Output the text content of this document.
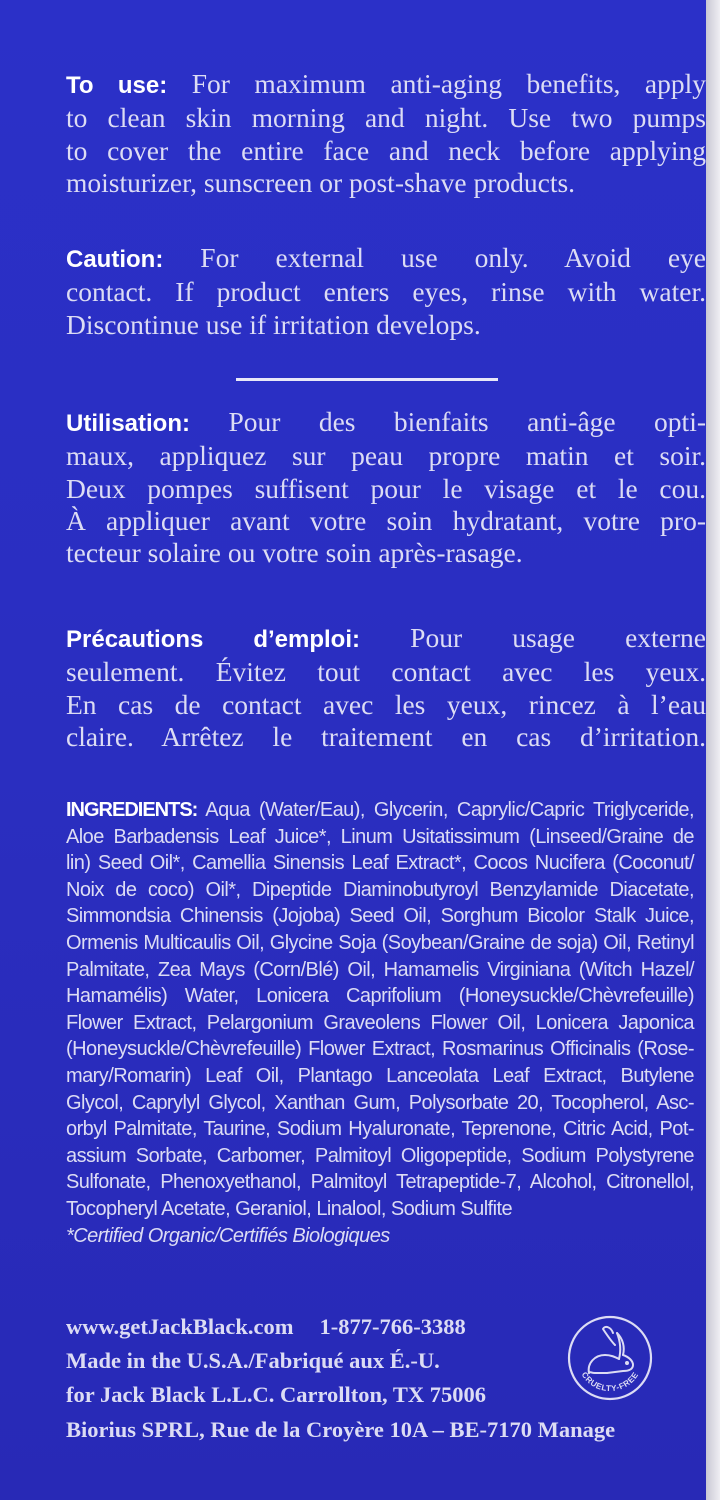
To use: For maximum anti-aging benefits, apply
to clean skin morning and night. Use two pumps
to cover the entire face and neck before applying
moisturizer, sunscreen or post-shave products.
Caution: For external use only. Avoid eye
contact. If product enters eyes, rinse with water.
Discontinue use if irritation develops.
Utilisation: Pour des bienfaits anti-âge opti-
maux, appliquez sur peau propre matin et soir.
Deux pompes suffisent pour le visage et le cou.
À appliquer avant votre soin hydratant, votre pro-
tecteur solaire ou votre soin après-rasage.
Précautions d’emploi: Pour usage externe
seulement. Évitez tout contact avec les yeux.
En cas de contact avec les yeux, rincez à l’eau
claire. Arrêtez le traitement en cas d’irritation.
INGREDIENTS: Aqua (Water/Eau), Glycerin, Caprylic/Capric Triglyceride,
Aloe Barbadensis Leaf Juice*, Linum Usitatissimum (Linseed/Graine de
lin) Seed Oil*, Camellia Sinensis Leaf Extract*, Cocos Nucifera (Coconut/
Noix de coco) Oil*, Dipeptide Diaminobutyroyl Benzylamide Diacetate,
Simmondsia Chinensis (Jojoba) Seed Oil, Sorghum Bicolor Stalk Juice,
Ormenis Multicaulis Oil, Glycine Soja (Soybean/Graine de soja) Oil, Retinyl
Palmitate, Zea Mays (Corn/Blé) Oil, Hamamelis Virginiana (Witch Hazel/
Hamamélis) Water, Lonicera Caprifolium (Honeysuckle/Chèvrefeuille)
Flower Extract, Pelargonium Graveolens Flower Oil, Lonicera Japonica
(Honeysuckle/Chèvrefeuille) Flower Extract, Rosmarinus Officinalis (Rose-
mary/Romarin) Leaf Oil, Plantago Lanceolata Leaf Extract, Butylene
Glycol, Caprylyl Glycol, Xanthan Gum, Polysorbate 20, Tocopherol, Asc-
orbyl Palmitate, Taurine, Sodium Hyaluronate, Teprenone, Citric Acid, Pot-
assium Sorbate, Carbomer, Palmitoyl Oligopeptide, Sodium Polystyrene
Sulfonate, Phenoxyethanol, Palmitoyl Tetrapeptide-7, Alcohol, Citronellol,
Tocopheryl Acetate, Geraniol, Linalool, Sodium Sulfite
*Certified Organic/Certifiés Biologiques
www.getJackBlack.com 1-877-766-3388
Made in the U.S.A./Fabriqué aux É.-U.
for Jack Black L.L.C. Carrollton, TX 75006
Biorius SPRL, Rue de la Croyère 10A – BE-7170 Manage
CRUELTY-FREE
